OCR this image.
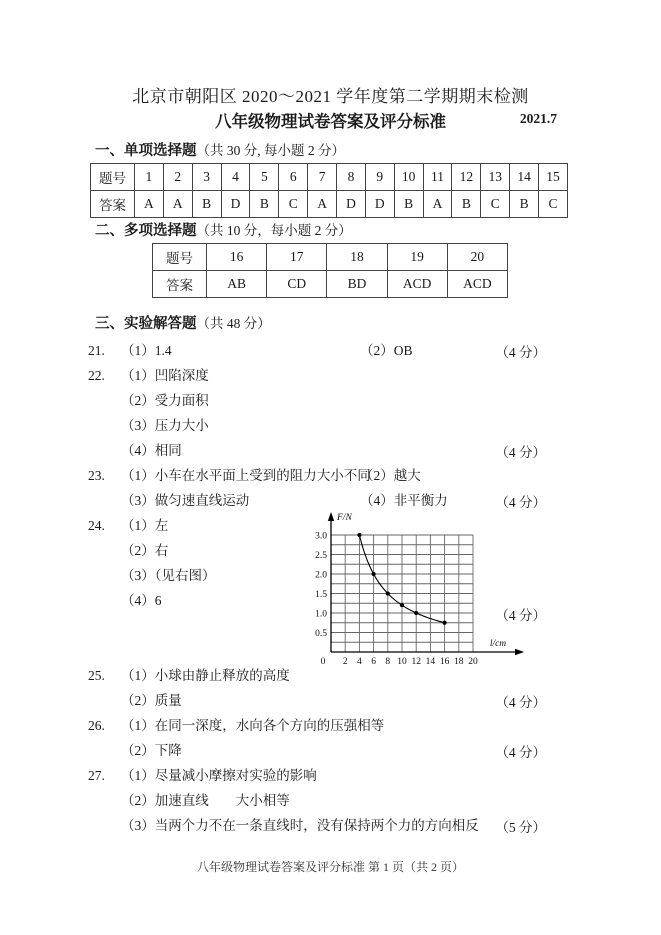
北京市朝阳区 2020～2021 学年度第二学期期末检测
八年级物理试卷答案及评分标准	2021.7
一、单项选择题（共 30 分, 每小题 2 分）
题号	1	2	3	4	5	6	7	8	9	10	11	12	13	14	15
答案	A	A	B	D	B	C	A	D	D	B	A	B	C	B	C
二、多项选择题（共 10 分，每小题 2 分）
题号	16	17	18	19	20
答案	AB	CD	BD	ACD	ACD
三、实验解答题（共 48 分）
21. （1）1.4	（2）OB	（4 分）
22. （1）凹陷深度
（2）受力面积
（3）压力大小
（4）相同	（4 分）
23. （1）小车在水平面上受到的阻力大小不同
（2）越大
（3）做匀速直线运动	（4）非平衡力	（4 分）
24. （1）左
（2）右
（3）（见右图）
（4）6
（4 分）
25. （1）小球由静止释放的高度
（2）质量	（4 分）
26. （1）在同一深度，水向各个方向的压强相等
（2）下降	（4 分）
27. （1）尽量减小摩擦对实验的影响
（2）加速直线　　大小相等
（3）当两个力不在一条直线时，没有保持两个力的方向相反 （5 分）
0.5
1.0
1.5
2.0
2.5
3.0
2 4 6 8 10 12 14 16 18 20
0
F/N
l/cm
八年级物理试卷答案及评分标准 第 1 页（共 2 页）
